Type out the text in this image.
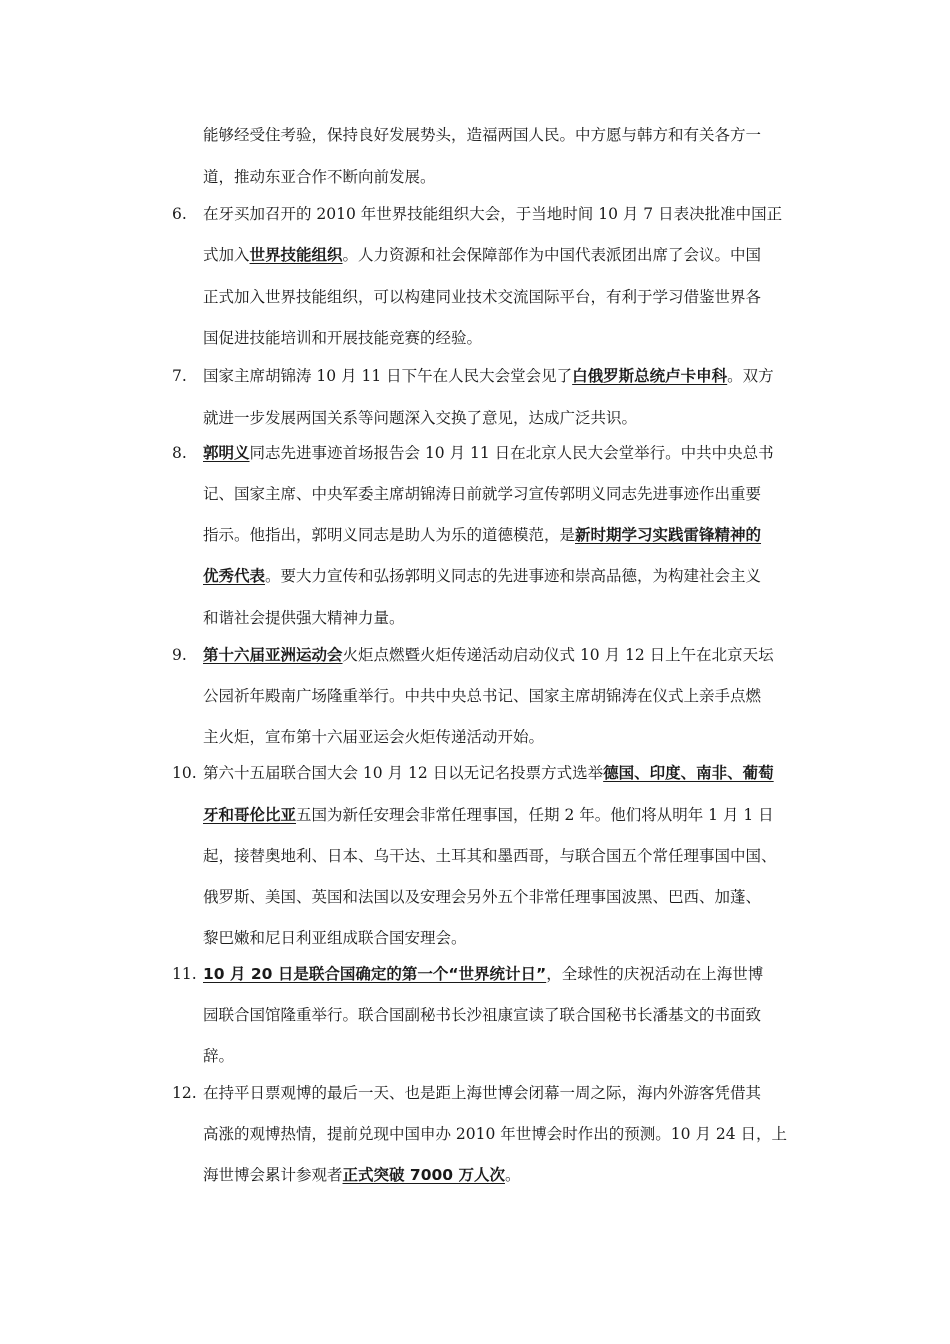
能够经受住考验，保持良好发展势头，造福两国人民。中方愿与韩方和有关各方一
道，推动东亚合作不断向前发展。
6. 在牙买加召开的 2010 年世界技能组织大会，于当地时间 10 月 7 日表决批准中国正
式加入世界技能组织。人力资源和社会保障部作为中国代表派团出席了会议。中国
正式加入世界技能组织，可以构建同业技术交流国际平台，有利于学习借鉴世界各
国促进技能培训和开展技能竞赛的经验。
7. 国家主席胡锦涛 10 月 11 日下午在人民大会堂会见了白俄罗斯总统卢卡申科。双方
就进一步发展两国关系等问题深入交换了意见，达成广泛共识。
8. 郭明义同志先进事迹首场报告会 10 月 11 日在北京人民大会堂举行。中共中央总书
记、国家主席、中央军委主席胡锦涛日前就学习宣传郭明义同志先进事迹作出重要
指示。他指出，郭明义同志是助人为乐的道德模范，是新时期学习实践雷锋精神的
优秀代表。要大力宣传和弘扬郭明义同志的先进事迹和崇高品德，为构建社会主义
和谐社会提供强大精神力量。
9. 第十六届亚洲运动会火炬点燃暨火炬传递活动启动仪式 10 月 12 日上午在北京天坛
公园祈年殿南广场隆重举行。中共中央总书记、国家主席胡锦涛在仪式上亲手点燃
主火炬，宣布第十六届亚运会火炬传递活动开始。
10. 第六十五届联合国大会 10 月 12 日以无记名投票方式选举德国、印度、南非、葡萄
牙和哥伦比亚五国为新任安理会非常任理事国，任期 2 年。他们将从明年 1 月 1 日
起，接替奥地利、日本、乌干达、土耳其和墨西哥，与联合国五个常任理事国中国、
俄罗斯、美国、英国和法国以及安理会另外五个非常任理事国波黑、巴西、加蓬、
黎巴嫩和尼日利亚组成联合国安理会。
11. 10 月 20 日是联合国确定的第一个“世界统计日”，全球性的庆祝活动在上海世博
园联合国馆隆重举行。联合国副秘书长沙祖康宣读了联合国秘书长潘基文的书面致
辞。
12. 在持平日票观博的最后一天、也是距上海世博会闭幕一周之际，海内外游客凭借其
高涨的观博热情，提前兑现中国申办 2010 年世博会时作出的预测。10 月 24 日，上
海世博会累计参观者正式突破 7000 万人次。
